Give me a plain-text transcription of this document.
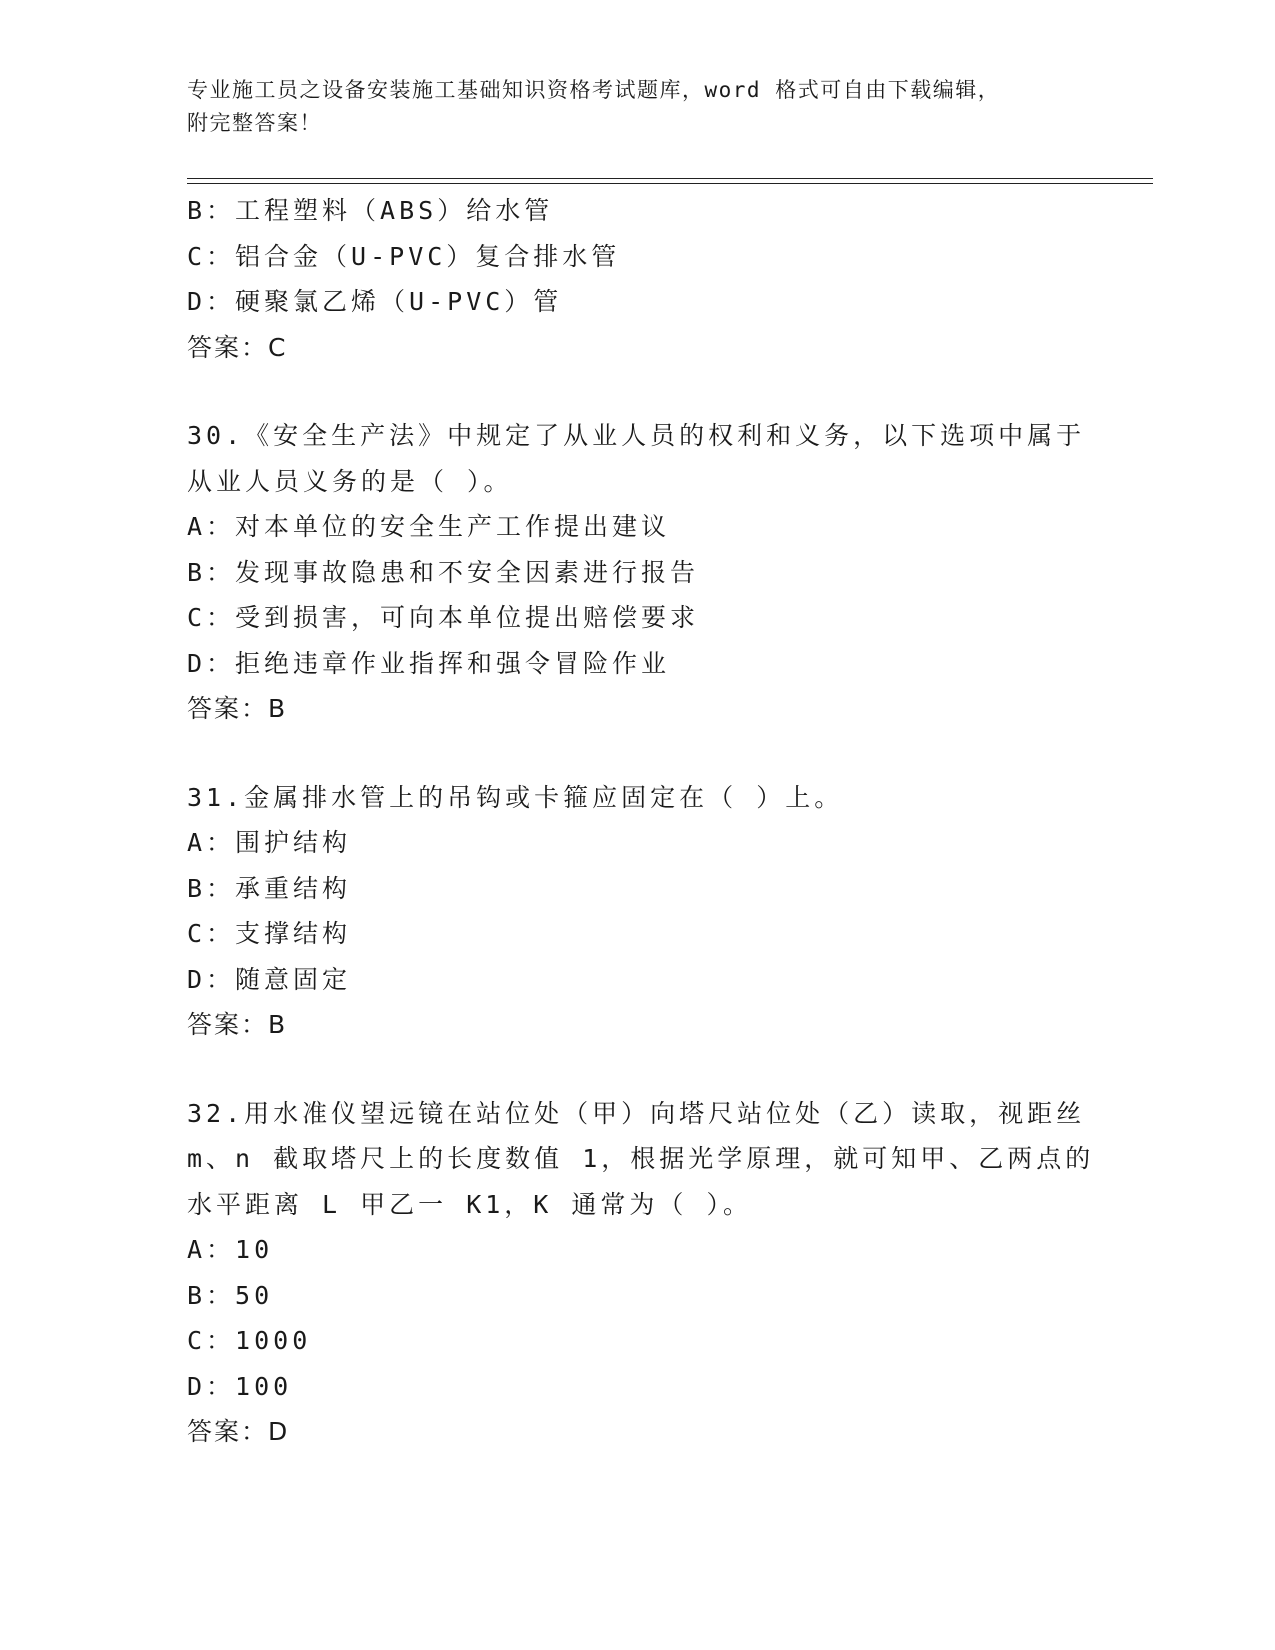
专业施工员之设备安装施工基础知识资格考试题库，word 格式可自由下载编辑，
附完整答案！
B：工程塑料（ABS）给水管
C：铝合金（U-PVC）复合排水管
D：硬聚氯乙烯（U-PVC）管
答案：C
30.《安全生产法》中规定了从业人员的权利和义务，以下选项中属于
从业人员义务的是（ ）。
A：对本单位的安全生产工作提出建议
B：发现事故隐患和不安全因素进行报告
C：受到损害，可向本单位提出赔偿要求
D：拒绝违章作业指挥和强令冒险作业
答案：B
31.金属排水管上的吊钩或卡箍应固定在（ ）上。
A：围护结构
B：承重结构
C：支撑结构
D：随意固定
答案：B
32.用水准仪望远镜在站位处（甲）向塔尺站位处（乙）读取，视距丝
m、n 截取塔尺上的长度数值 1，根据光学原理，就可知甲、乙两点的
水平距离 L 甲乙一 K1，K 通常为（ ）。
A：10
B：50
C：1000
D：100
答案：D
